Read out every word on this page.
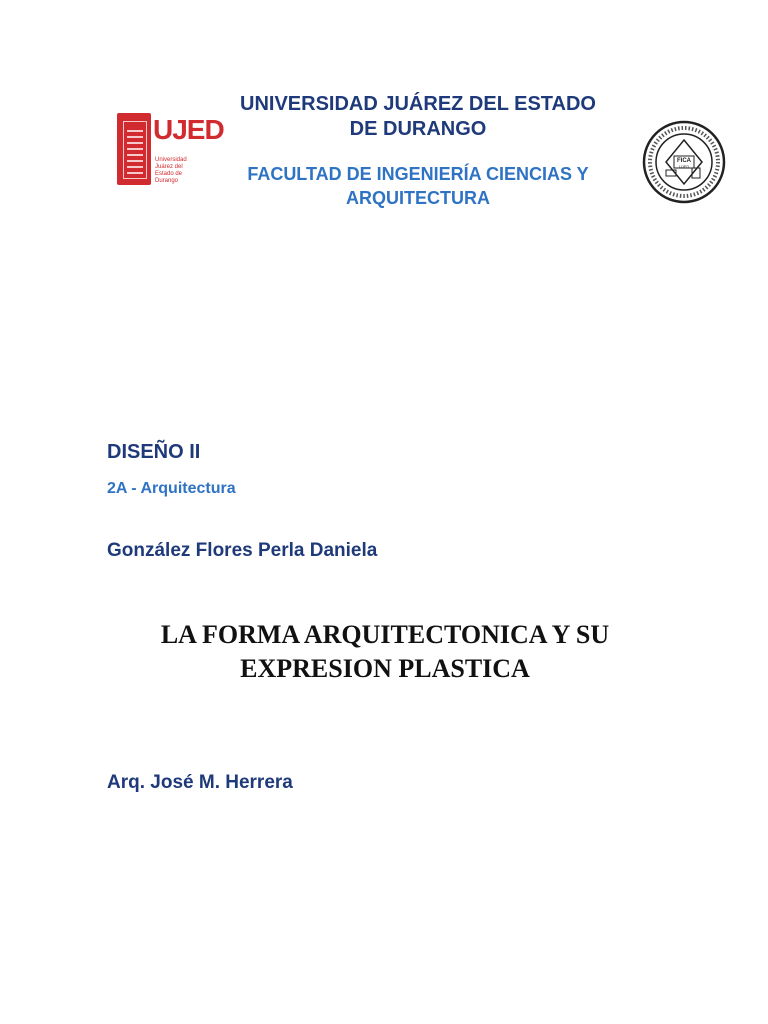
UJED
Universidad Juárez del Estado de Durango
UNIVERSIDAD JUÁREZ DEL ESTADO
DE DURANGO
FACULTAD DE INGENIERÍA CIENCIAS Y
ARQUITECTURA
FICA
UJED
DISEÑO II
2A - Arquitectura
González Flores Perla Daniela
LA FORMA ARQUITECTONICA Y SU
EXPRESION PLASTICA
Arq. José M. Herrera
